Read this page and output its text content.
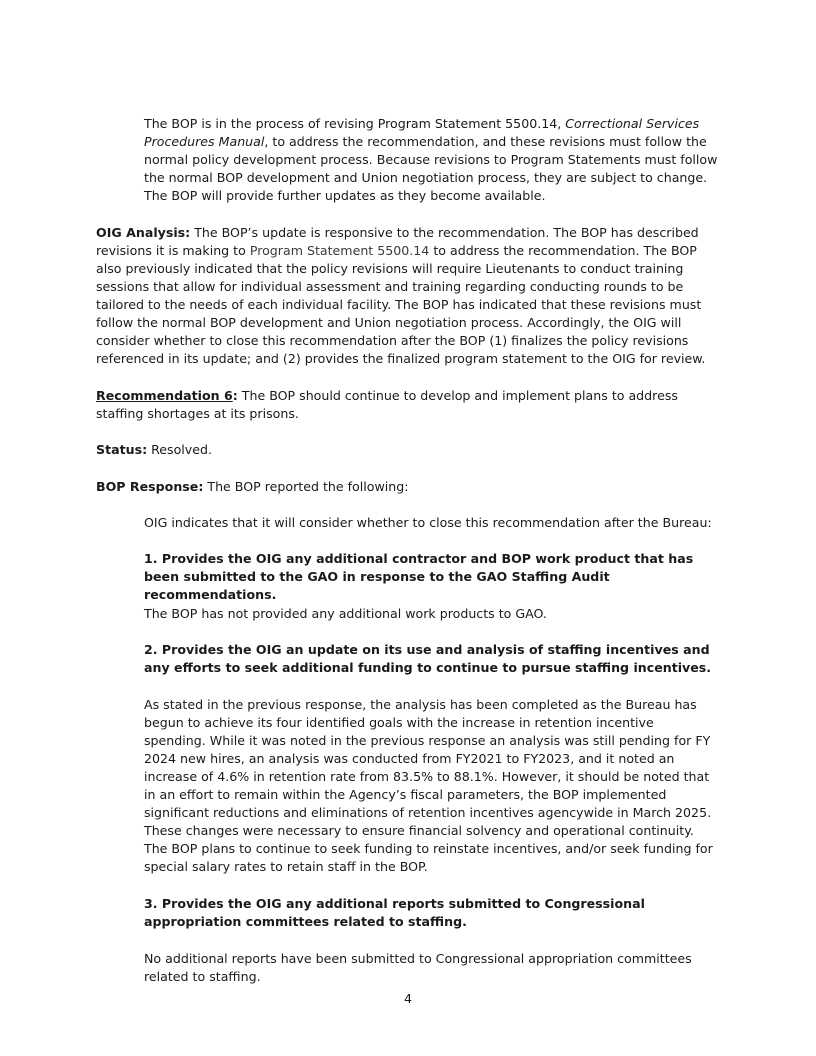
The BOP is in the process of revising Program Statement 5500.14, Correctional Services Procedures Manual, to address the recommendation, and these revisions must follow the normal policy development process. Because revisions to Program Statements must follow the normal BOP development and Union negotiation process, they are subject to change. The BOP will provide further updates as they become available.

OIG Analysis: The BOP’s update is responsive to the recommendation. The BOP has described revisions it is making to Program Statement 5500.14 to address the recommendation. The BOP also previously indicated that the policy revisions will require Lieutenants to conduct training sessions that allow for individual assessment and training regarding conducting rounds to be tailored to the needs of each individual facility. The BOP has indicated that these revisions must follow the normal BOP development and Union negotiation process. Accordingly, the OIG will consider whether to close this recommendation after the BOP (1) finalizes the policy revisions referenced in its update; and (2) provides the finalized program statement to the OIG for review.

Recommendation 6: The BOP should continue to develop and implement plans to address staffing shortages at its prisons.

Status: Resolved.

BOP Response: The BOP reported the following:

OIG indicates that it will consider whether to close this recommendation after the Bureau:

1. Provides the OIG any additional contractor and BOP work product that has been submitted to the GAO in response to the GAO Staffing Audit recommendations.

The BOP has not provided any additional work products to GAO.

2. Provides the OIG an update on its use and analysis of staffing incentives and any efforts to seek additional funding to continue to pursue staffing incentives.

As stated in the previous response, the analysis has been completed as the Bureau has begun to achieve its four identified goals with the increase in retention incentive spending. While it was noted in the previous response an analysis was still pending for FY 2024 new hires, an analysis was conducted from FY2021 to FY2023, and it noted an increase of 4.6% in retention rate from 83.5% to 88.1%. However, it should be noted that in an effort to remain within the Agency’s fiscal parameters, the BOP implemented significant reductions and eliminations of retention incentives agencywide in March 2025. These changes were necessary to ensure financial solvency and operational continuity. The BOP plans to continue to seek funding to reinstate incentives, and/or seek funding for special salary rates to retain staff in the BOP.

3. Provides the OIG any additional reports submitted to Congressional appropriation committees related to staffing.

No additional reports have been submitted to Congressional appropriation committees related to staffing.

4
